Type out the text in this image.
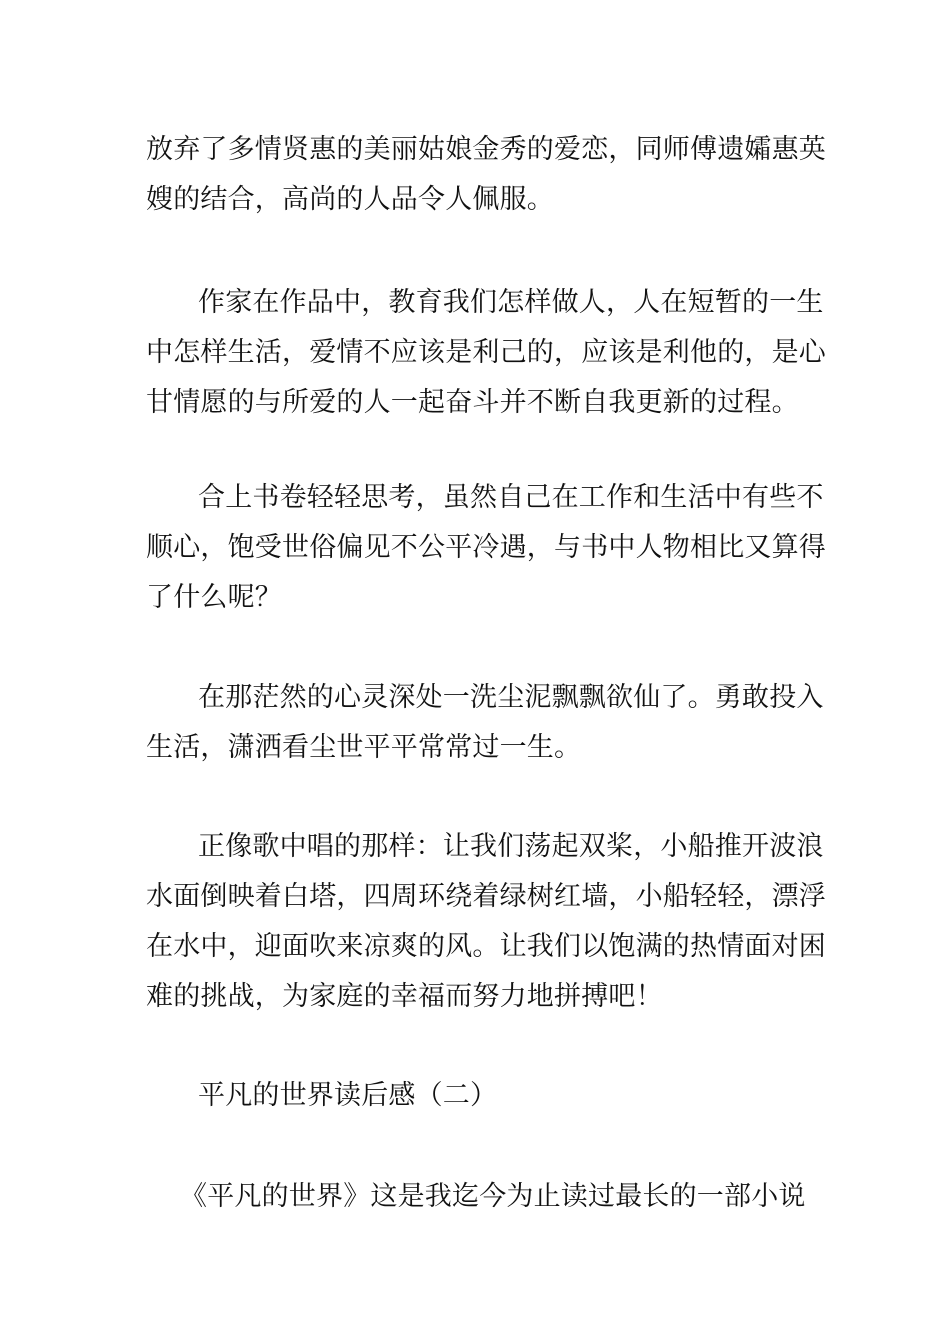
放弃了多情贤惠的美丽姑娘金秀的爱恋，同师傅遗孀惠英
嫂的结合，高尚的人品令人佩服。
作家在作品中，教育我们怎样做人，人在短暂的一生
中怎样生活，爱情不应该是利己的，应该是利他的，是心
甘情愿的与所爱的人一起奋斗并不断自我更新的过程。
合上书卷轻轻思考，虽然自己在工作和生活中有些不
顺心，饱受世俗偏见不公平冷遇，与书中人物相比又算得
了什么呢？
在那茫然的心灵深处一洗尘泥飘飘欲仙了。勇敢投入
生活，潇洒看尘世平平常常过一生。
正像歌中唱的那样：让我们荡起双桨，小船推开波浪
水面倒映着白塔，四周环绕着绿树红墙，小船轻轻，漂浮
在水中，迎面吹来凉爽的风。让我们以饱满的热情面对困
难的挑战，为家庭的幸福而努力地拼搏吧！
平凡的世界读后感（二）
《平凡的世界》这是我迄今为止读过最长的一部小说
